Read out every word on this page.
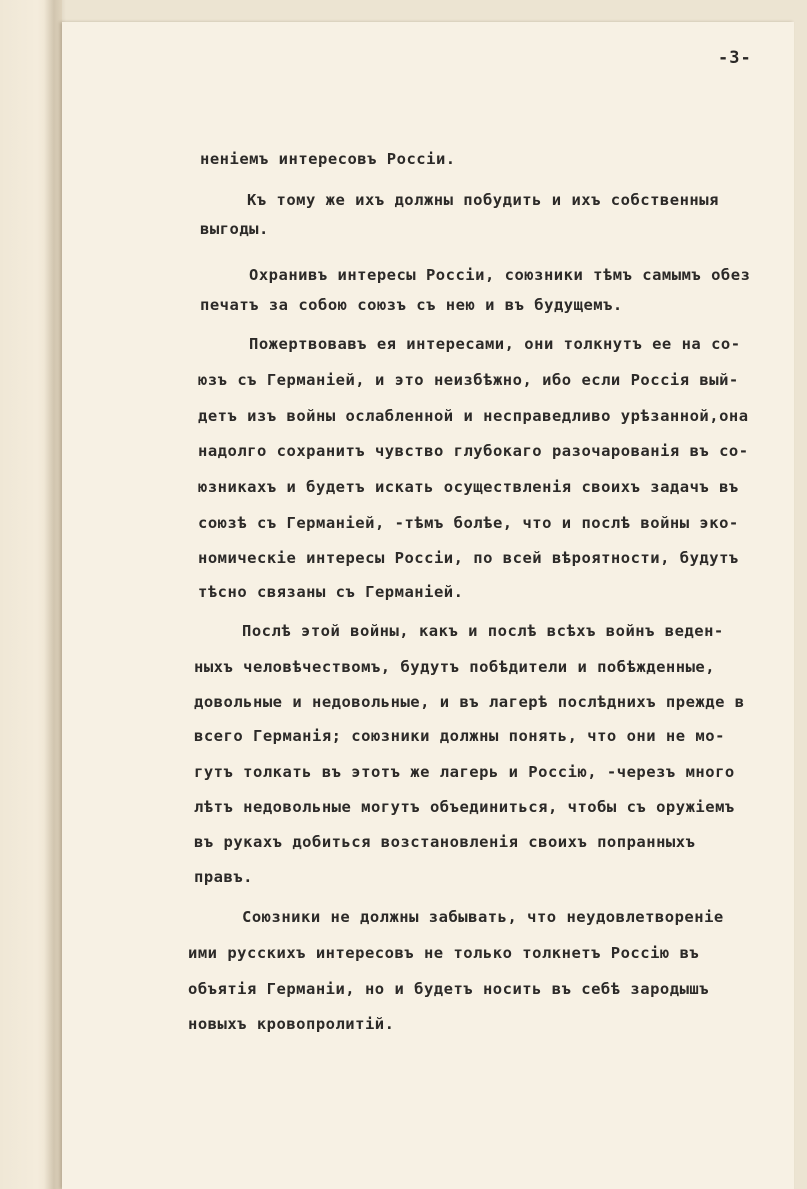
-3-
неніемъ интересовъ Россіи.
Къ тому же ихъ должны побудить и ихъ собственныя
выгоды.
Охранивъ интересы Россіи, союзники тѣмъ самымъ обез
печатъ за собою союзъ съ нею и въ будущемъ.
Пожертвовавъ ея интересами, они толкнутъ ее на со-
юзъ съ Германіей, и это неизбѣжно, ибо если Россія вый-
детъ изъ войны ослабленной и несправедливо урѣзанной,она
надолго сохранитъ чувство глубокаго разочарованія въ со-
юзникахъ и будетъ искать осуществленія своихъ задачъ въ
союзѣ съ Германіей, -тѣмъ болѣе, что и послѣ войны эко-
номическіе интересы Россіи, по всей вѣроятности, будутъ
тѣсно связаны съ Германіей.
Послѣ этой войны, какъ и послѣ всѣхъ войнъ веден-
ныхъ человѣчествомъ, будутъ побѣдители и побѣжденные,
довольные и недовольные, и въ лагерѣ послѣднихъ прежде в
всего Германія; союзники должны понять, что они не мо-
гутъ толкать въ этотъ же лагерь и Россію, -черезъ много
лѣтъ недовольные могутъ объединиться, чтобы съ оружіемъ
въ рукахъ добиться возстановленія своихъ попранныхъ
правъ.
Союзники не должны забывать, что неудовлетвореніе
ими русскихъ интересовъ не только толкнетъ Россію въ
объятія Германіи, но и будетъ носить въ себѣ зародышъ
новыхъ кровопролитій.
